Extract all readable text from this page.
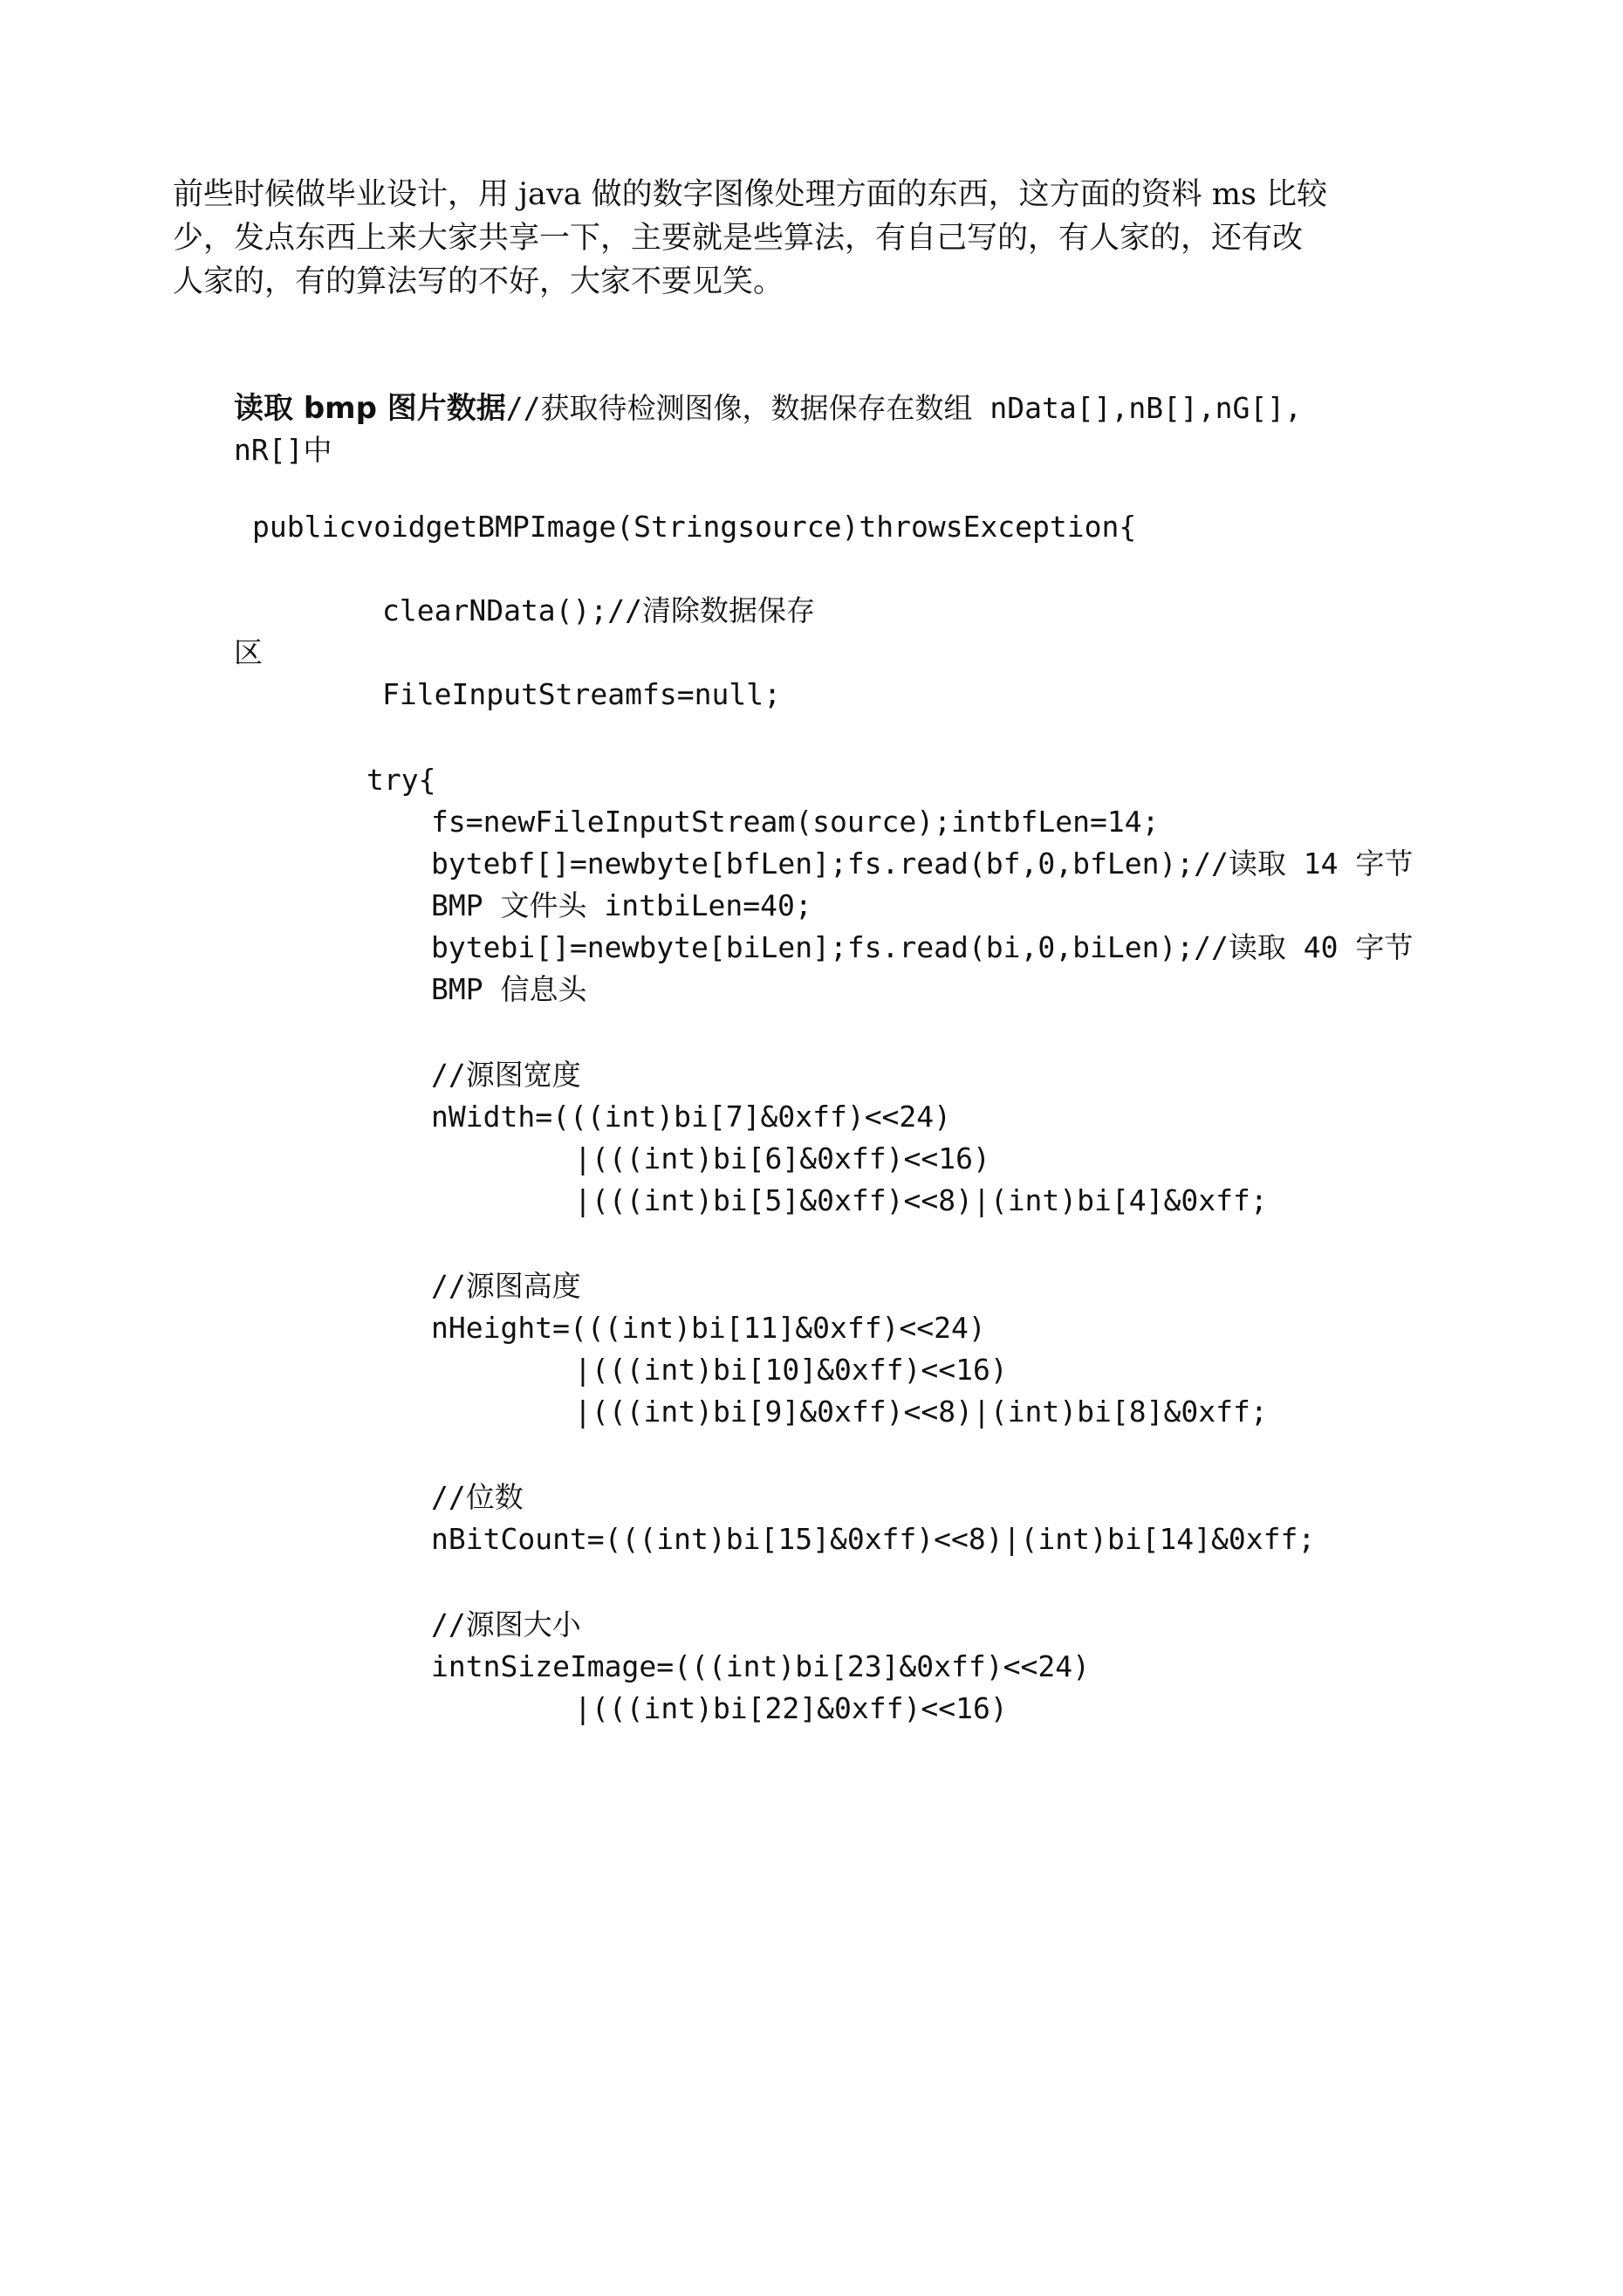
前些时候做毕业设计，用 java 做的数字图像处理方面的东西，这方面的资料 ms 比较
少，发点东西上来大家共享一下，主要就是些算法，有自己写的，有人家的，还有改
人家的，有的算法写的不好，大家不要见笑。

读取 bmp 图片数据//获取待检测图像，数据保存在数组 nData[],nB[],nG[],
nR[]中
publicvoidgetBMPImage(Stringsource)throwsException{
clearNData();//清除数据保存
区
FileInputStreamfs=null;
try{
fs=newFileInputStream(source);intbfLen=14;
bytebf[]=newbyte[bfLen];fs.read(bf,0,bfLen);//读取 14 字节
BMP 文件头 intbiLen=40;
bytebi[]=newbyte[biLen];fs.read(bi,0,biLen);//读取 40 字节
BMP 信息头
//源图宽度
nWidth=(((int)bi[7]&0xff)<<24)
|(((int)bi[6]&0xff)<<16)
|(((int)bi[5]&0xff)<<8)|(int)bi[4]&0xff;
//源图高度
nHeight=(((int)bi[11]&0xff)<<24)
|(((int)bi[10]&0xff)<<16)
|(((int)bi[9]&0xff)<<8)|(int)bi[8]&0xff;
//位数
nBitCount=(((int)bi[15]&0xff)<<8)|(int)bi[14]&0xff;
//源图大小
intnSizeImage=(((int)bi[23]&0xff)<<24)
|(((int)bi[22]&0xff)<<16)
